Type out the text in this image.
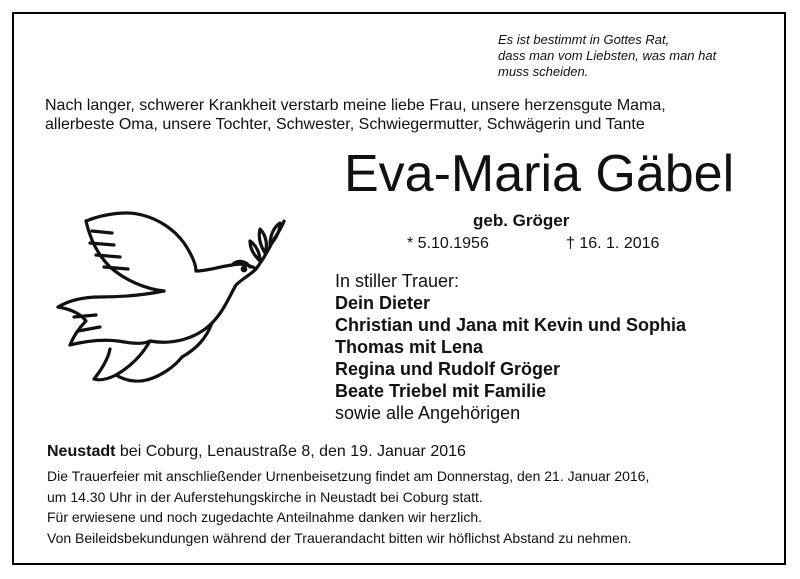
Es ist bestimmt in Gottes Rat,
dass man vom Liebsten, was man hat
muss scheiden.
Nach langer, schwerer Krankheit verstarb meine liebe Frau, unsere herzensgute Mama,
allerbeste Oma, unsere Tochter, Schwester, Schwiegermutter, Schwägerin und Tante
Eva-Maria Gäbel
geb. Gröger
* 5.10.1956	† 16. 1. 2016
In stiller Trauer:
Dein Dieter
Christian und Jana mit Kevin und Sophia
Thomas mit Lena
Regina und Rudolf Gröger
Beate Triebel mit Familie
sowie alle Angehörigen
Neustadt bei Coburg, Lenaustraße 8, den 19. Januar 2016
Die Trauerfeier mit anschließender Urnenbeisetzung findet am Donnerstag, den 21. Januar 2016,
um 14.30 Uhr in der Auferstehungskirche in Neustadt bei Coburg statt.
Für erwiesene und noch zugedachte Anteilnahme danken wir herzlich.
Von Beileidsbekundungen während der Trauerandacht bitten wir höflichst Abstand zu nehmen.
